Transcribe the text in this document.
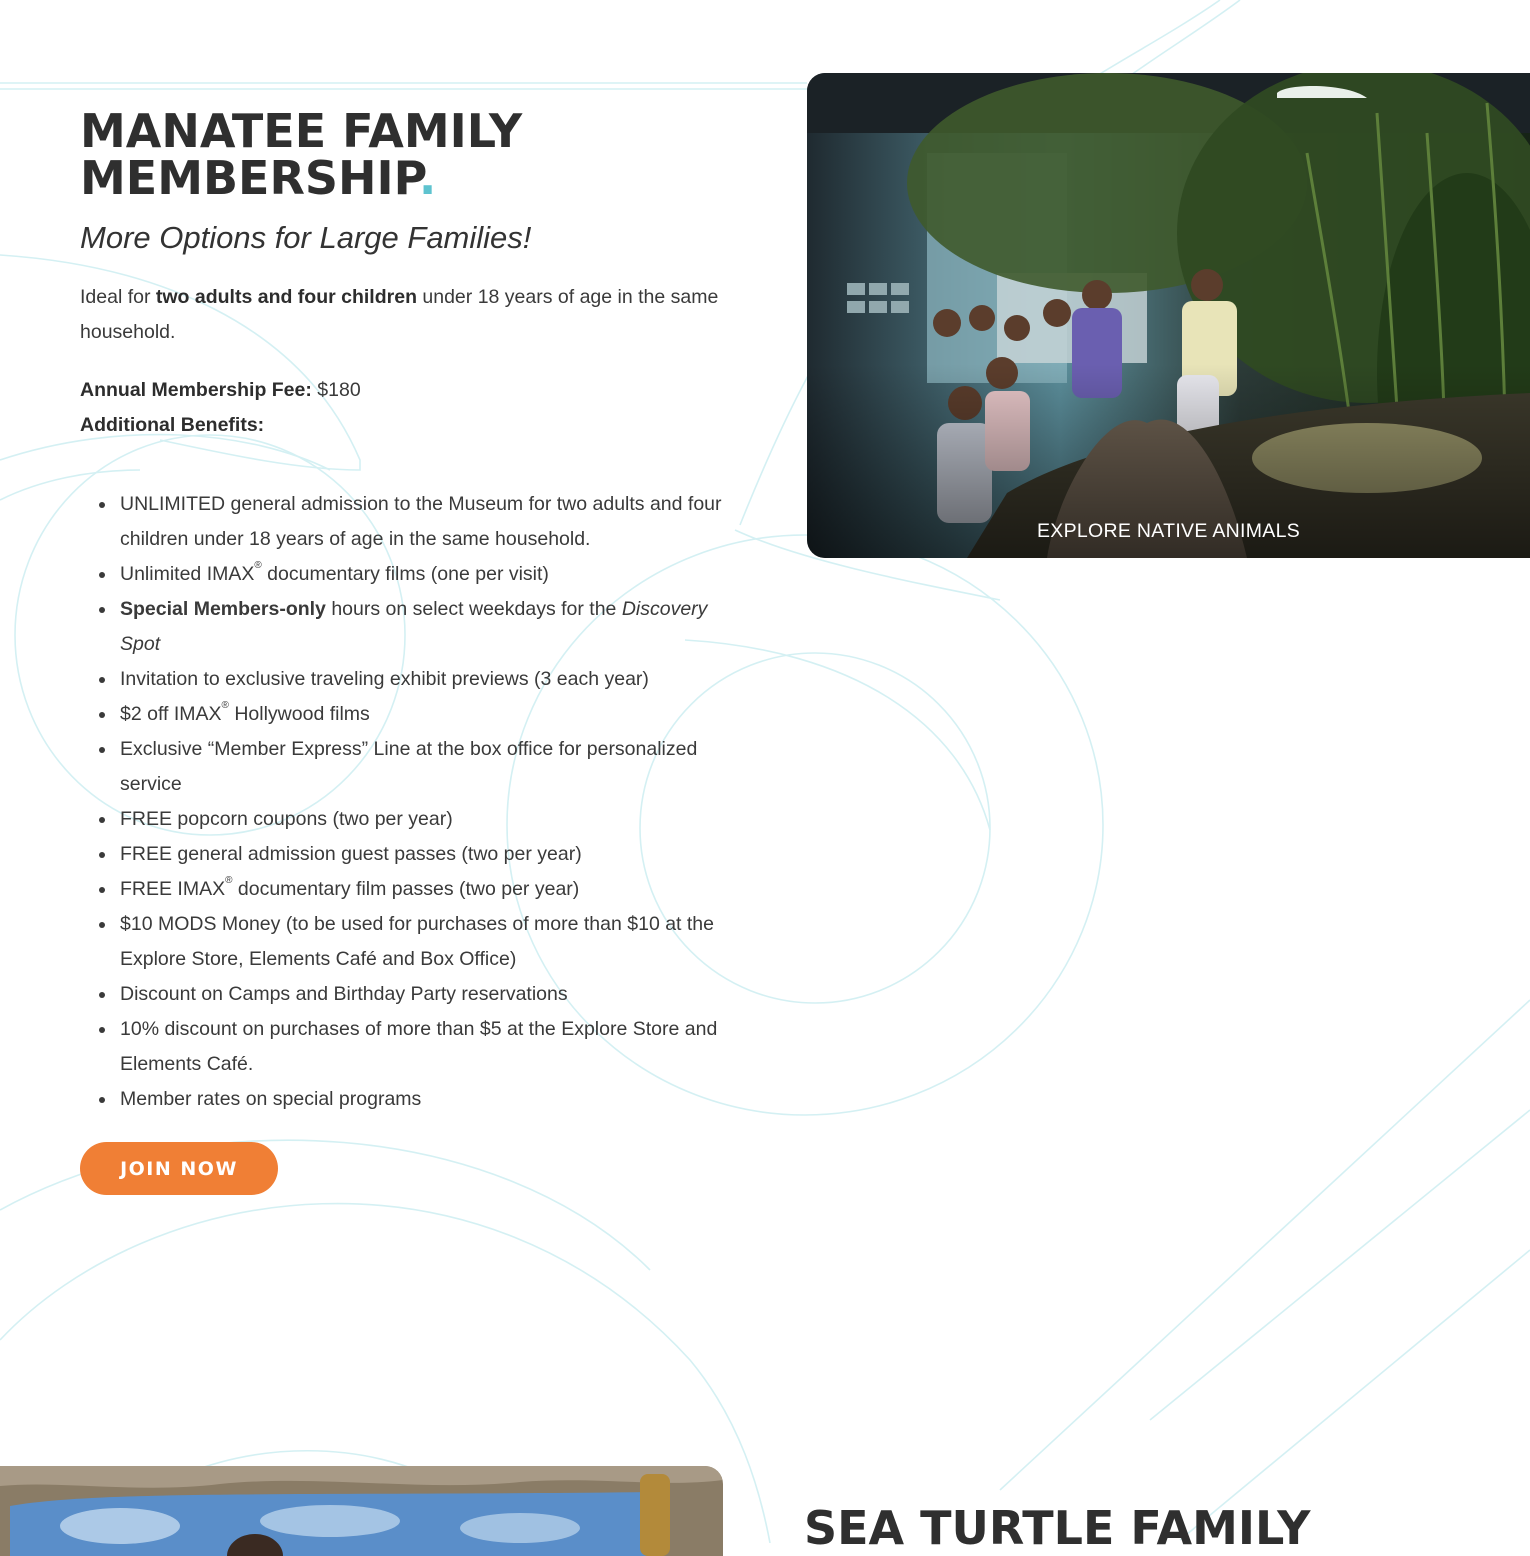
MANATEE FAMILY
MEMBERSHIP.

More Options for Large Families!

Ideal for two adults and four children under 18 years of age in the same household.

Annual Membership Fee: $180
Additional Benefits:

UNLIMITED general admission to the Museum for two adults and four children under 18 years of age in the same household.
Unlimited IMAX® documentary films (one per visit)
Special Members-only hours on select weekdays for the Discovery Spot
Invitation to exclusive traveling exhibit previews (3 each year)
$2 off IMAX® Hollywood films
Exclusive “Member Express” Line at the box office for personalized service
FREE popcorn coupons (two per year)
FREE general admission guest passes (two per year)
FREE IMAX® documentary film passes (two per year)
$10 MODS Money (to be used for purchases of more than $10 at the Explore Store, Elements Café and Box Office)
Discount on Camps and Birthday Party reservations
10% discount on purchases of more than $5 at the Explore Store and Elements Café.
Member rates on special programs
JOIN NOW
EXPLORE NATIVE ANIMALS
SEA TURTLE FAMILY
